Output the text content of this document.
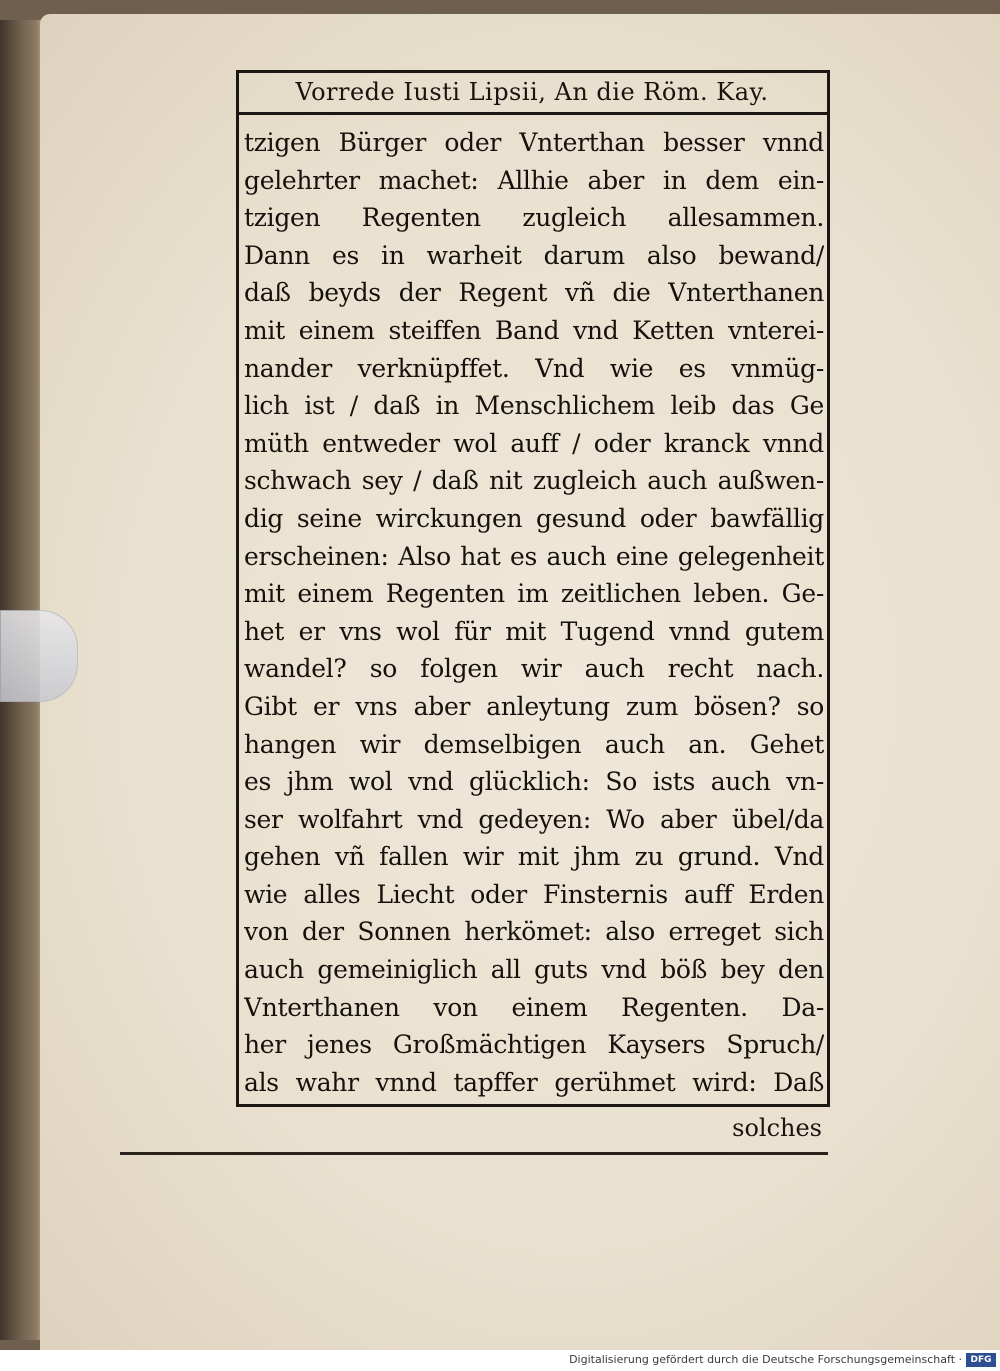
Vorrede Iusti Lipsii, An die Röm. Kay.
tzigen Bürger oder Vnterthan besser vnnd
gelehrter machet: Allhie aber in dem ein-
tzigen Regenten zugleich allesammen.
Dann es in warheit darum also bewand/
daß beyds der Regent vñ die Vnterthanen
mit einem steiffen Band vnd Ketten vnterei-
nander verknüpffet. Vnd wie es vnmüg-
lich ist / daß in Menschlichem leib das Ge
müth entweder wol auff / oder kranck vnnd
schwach sey / daß nit zugleich auch außwen-
dig seine wirckungen gesund oder bawfällig
erscheinen: Also hat es auch eine gelegenheit
mit einem Regenten im zeitlichen leben. Ge-
het er vns wol für mit Tugend vnnd gutem
wandel? so folgen wir auch recht nach.
Gibt er vns aber anleytung zum bösen? so
hangen wir demselbigen auch an. Gehet
es jhm wol vnd glücklich: So ists auch vn-
ser wolfahrt vnd gedeyen: Wo aber übel/da
gehen vñ fallen wir mit jhm zu grund. Vnd
wie alles Liecht oder Finsternis auff Erden
von der Sonnen herkömet: also erreget sich
auch gemeiniglich all guts vnd böß bey den
Vnterthanen von einem Regenten. Da-
her jenes Großmächtigen Kaysers Spruch/
als wahr vnnd tapffer gerühmet wird: Daß
solches
Digitalisierung gefördert durch die Deutsche Forschungsgemeinschaft · DFG
